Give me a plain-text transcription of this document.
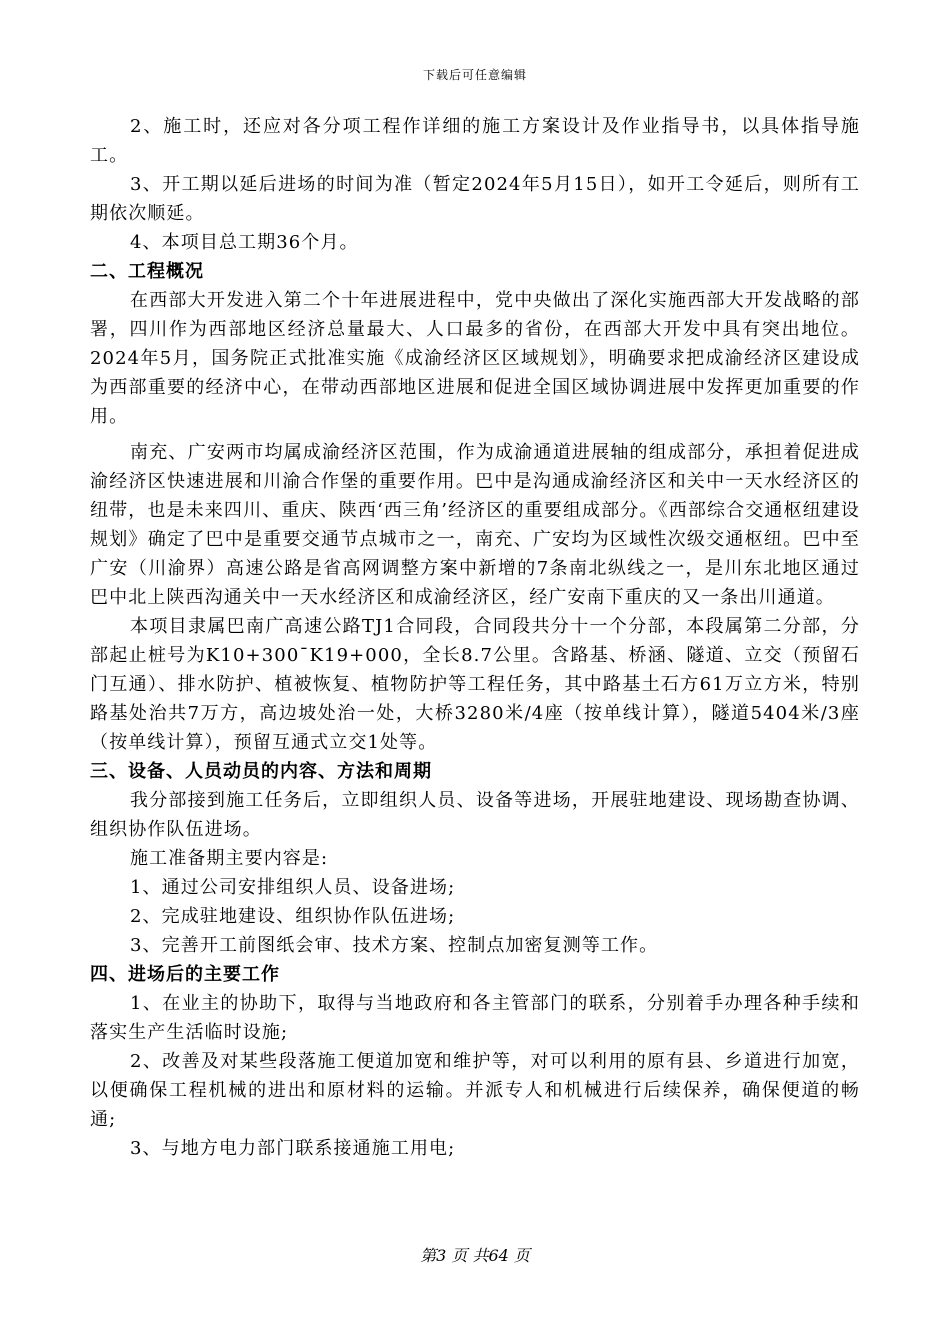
下载后可任意编辑

2、施工时，还应对各分项工程作详细的施工方案设计及作业指导书，以具体指导施工。

3、开工期以延后进场的时间为准（暂定2024年5月15日），如开工令延后，则所有工期依次顺延。

4、本项目总工期36个月。

二、工程概况

在西部大开发进入第二个十年进展进程中，党中央做出了深化实施西部大开发战略的部署，四川作为西部地区经济总量最大、人口最多的省份，在西部大开发中具有突出地位。2024年5月，国务院正式批准实施《成渝经济区区域规划》，明确要求把成渝经济区建设成为西部重要的经济中心，在带动西部地区进展和促进全国区域协调进展中发挥更加重要的作用。

南充、广安两市均属成渝经济区范围，作为成渝通道进展轴的组成部分，承担着促进成渝经济区快速进展和川渝合作堡的重要作用。巴中是沟通成渝经济区和关中一天水经济区的纽带，也是未来四川、重庆、陕西‘西三角’经济区的重要组成部分。《西部综合交通枢纽建设规划》确定了巴中是重要交通节点城市之一，南充、广安均为区域性次级交通枢纽。巴中至广安（川渝界）高速公路是省高网调整方案中新增的7条南北纵线之一，是川东北地区通过巴中北上陕西沟通关中一天水经济区和成渝经济区，经广安南下重庆的又一条出川通道。

本项目隶属巴南广高速公路TJ1合同段，合同段共分十一个分部，本段属第二分部，分部起止桩号为K10+300¯K19+000，全长8.7公里。含路基、桥涵、隧道、立交（预留石门互通）、排水防护、植被恢复、植物防护等工程任务，其中路基土石方61万立方米，特别路基处治共7万方，高边坡处治一处，大桥3280米/4座（按单线计算），隧道5404米/3座（按单线计算），预留互通式立交1处等。

三、设备、人员动员的内容、方法和周期

我分部接到施工任务后，立即组织人员、设备等进场，开展驻地建设、现场勘查协调、组织协作队伍进场。

施工准备期主要内容是:

1、通过公司安排组织人员、设备进场;

2、完成驻地建设、组织协作队伍进场;

3、完善开工前图纸会审、技术方案、控制点加密复测等工作。

四、进场后的主要工作

1、在业主的协助下，取得与当地政府和各主管部门的联系，分别着手办理各种手续和落实生产生活临时设施;

2、改善及对某些段落施工便道加宽和维护等，对可以利用的原有县、乡道进行加宽，以便确保工程机械的进出和原材料的运输。并派专人和机械进行后续保养，确保便道的畅通;

3、与地方电力部门联系接通施工用电;

第3 页 共64 页
